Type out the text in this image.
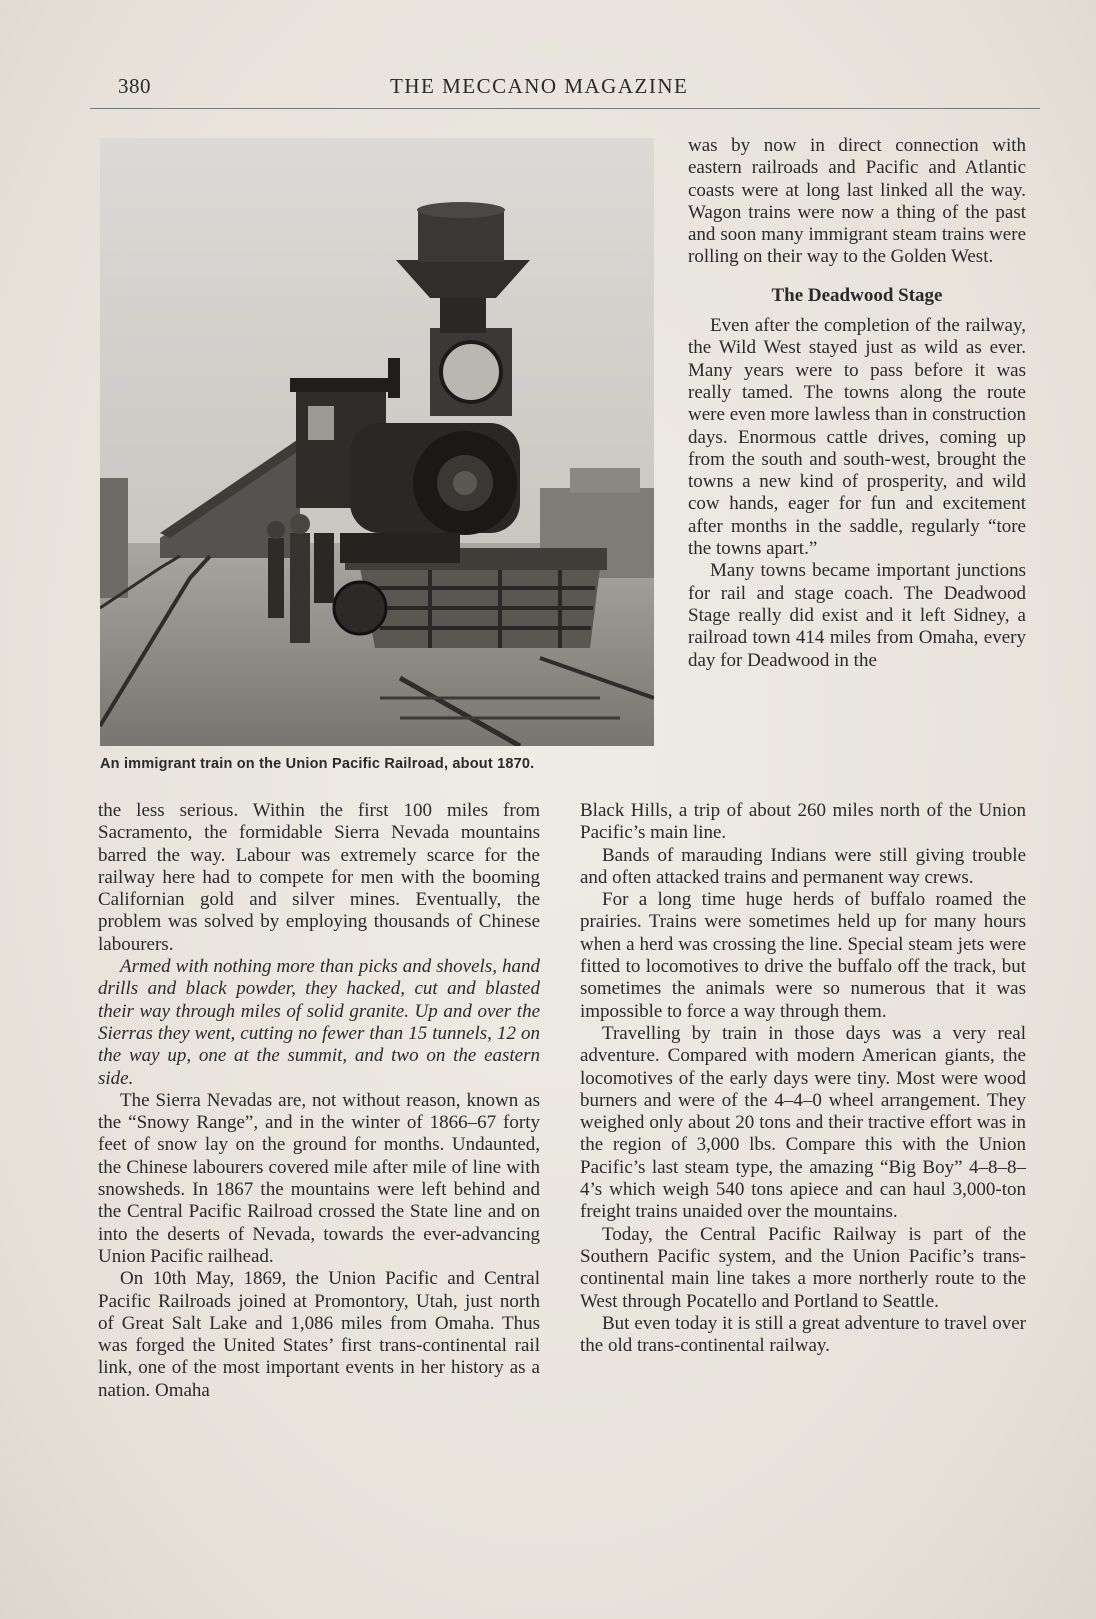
380	THE MECCANO MAGAZINE
An immigrant train on the Union Pacific Railroad, about 1870.

was by now in direct connection with eastern railroads and Pacific and Atlantic coasts were at long last linked all the way. Wagon trains were now a thing of the past and soon many immigrant steam trains were rolling on their way to the Golden West.

The Deadwood Stage

Even after the completion of the railway, the Wild West stayed just as wild as ever. Many years were to pass before it was really tamed. The towns along the route were even more lawless than in construction days. Enormous cattle drives, coming up from the south and south-west, brought the towns a new kind of prosperity, and wild cow hands, eager for fun and excitement after months in the saddle, regularly “tore the towns apart.”

Many towns became important junctions for rail and stage coach. The Deadwood Stage really did exist and it left Sidney, a railroad town 414 miles from Omaha, every day for Deadwood in the

the less serious. Within the first 100 miles from Sacramento, the formidable Sierra Nevada mountains barred the way. Labour was extremely scarce for the railway here had to compete for men with the booming Californian gold and silver mines. Eventually, the problem was solved by employing thousands of Chinese labourers.

Armed with nothing more than picks and shovels, hand drills and black powder, they hacked, cut and blasted their way through miles of solid granite. Up and over the Sierras they went, cutting no fewer than 15 tunnels, 12 on the way up, one at the summit, and two on the eastern side.

The Sierra Nevadas are, not without reason, known as the “Snowy Range”, and in the winter of 1866–67 forty feet of snow lay on the ground for months. Undaunted, the Chinese labourers covered mile after mile of line with snowsheds. In 1867 the mountains were left behind and the Central Pacific Railroad crossed the State line and on into the deserts of Nevada, towards the ever-advancing Union Pacific railhead.

On 10th May, 1869, the Union Pacific and Central Pacific Railroads joined at Promontory, Utah, just north of Great Salt Lake and 1,086 miles from Omaha. Thus was forged the United States’ first trans-continental rail link, one of the most important events in her history as a nation. Omaha

Black Hills, a trip of about 260 miles north of the Union Pacific’s main line.

Bands of marauding Indians were still giving trouble and often attacked trains and permanent way crews.

For a long time huge herds of buffalo roamed the prairies. Trains were sometimes held up for many hours when a herd was crossing the line. Special steam jets were fitted to locomotives to drive the buffalo off the track, but sometimes the animals were so numerous that it was impossible to force a way through them.

Travelling by train in those days was a very real adventure. Compared with modern American giants, the locomotives of the early days were tiny. Most were wood burners and were of the 4–4–0 wheel arrangement. They weighed only about 20 tons and their tractive effort was in the region of 3,000 lbs. Compare this with the Union Pacific’s last steam type, the amazing “Big Boy” 4–8–8–4’s which weigh 540 tons apiece and can haul 3,000-ton freight trains unaided over the mountains.

Today, the Central Pacific Railway is part of the Southern Pacific system, and the Union Pacific’s trans-continental main line takes a more northerly route to the West through Pocatello and Portland to Seattle.

But even today it is still a great adventure to travel over the old trans-continental railway.
